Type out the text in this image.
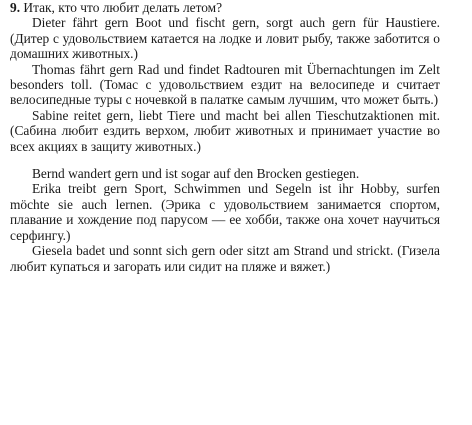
9. Итак, кто что любит делать летом?

Dieter fährt gern Boot und fischt gern, sorgt auch gern für Haustiere. (Дитер с удовольствием катается на лодке и ловит рыбу, также заботится о домашних животных.)

Thomas fährt gern Rad und findet Radtouren mit Übernachtungen im Zelt besonders toll. (Томас с удовольствием ездит на велосипеде и считает велосипедные туры с ночевкой в палатке самым лучшим, что может быть.)

Sabine reitet gern, liebt Tiere und macht bei allen Tieschutzaktionen mit. (Сабина любит ездить верхом, любит животных и принимает участие во всех акциях в защиту животных.)

Bernd wandert gern und ist sogar auf den Brocken gestiegen.

Erika treibt gern Sport, Schwimmen und Segeln ist ihr Hobby, surfen möchte sie auch lernen. (Эрика с удовольствием занимается спортом, плавание и хождение под парусом — ее хобби, также она хочет научиться серфингу.)

Giesela badet und sonnt sich gern oder sitzt am Strand und strickt. (Гизела любит купаться и загорать или сидит на пляже и вяжет.)
